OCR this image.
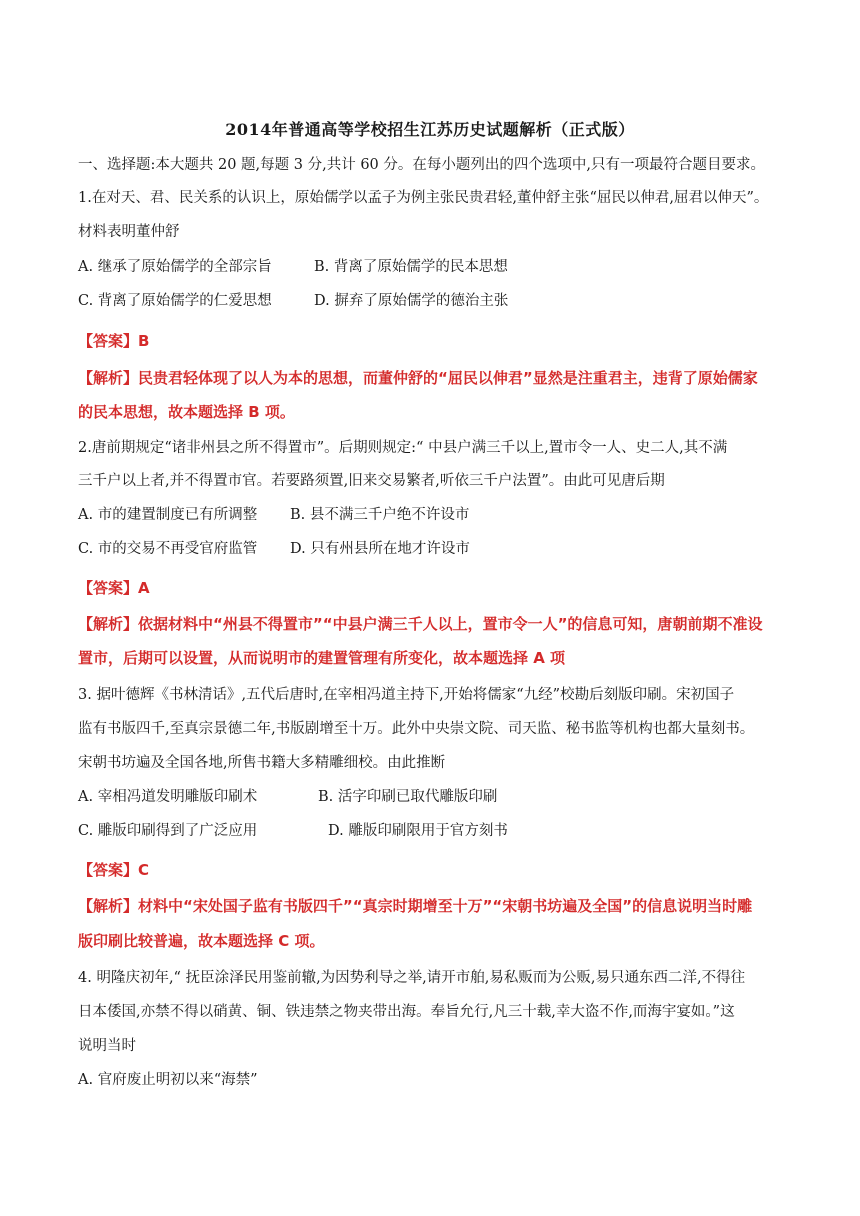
2014年普通高等学校招生江苏历史试题解析（正式版）
一、选择题:本大题共 20 题,每题 3 分,共计 60 分。在每小题列出的四个选项中,只有一项最符合题目要求。
1.在对天、君、民关系的认识上，原始儒学以孟子为例主张民贵君轻,董仲舒主张“屈民以伸君,屈君以伸天”。
材料表明董仲舒
A. 继承了原始儒学的全部宗旨	B. 背离了原始儒学的民本思想
C. 背离了原始儒学的仁爱思想	D. 摒弃了原始儒学的德治主张
【答案】B
【解析】民贵君轻体现了以人为本的思想，而董仲舒的“屈民以伸君”显然是注重君主，违背了原始儒家
的民本思想，故本题选择 B 项。
2.唐前期规定“诸非州县之所不得置市”。后期则规定:“ 中县户满三千以上,置市令一人、史二人,其不满
三千户以上者,并不得置市官。若要路须置,旧来交易繁者,听依三千户法置”。由此可见唐后期
A. 市的建置制度已有所调整 B. 县不满三千户绝不许设市
C. 市的交易不再受官府监管 D. 只有州县所在地才许设市
【答案】A
【解析】依据材料中“州县不得置市”“中县户满三千人以上，置市令一人”的信息可知，唐朝前期不准设
置市，后期可以设置，从而说明市的建置管理有所变化，故本题选择 A 项
3. 据叶德辉《书林清话》,五代后唐时,在宰相冯道主持下,开始将儒家“九经”校勘后刻版印刷。宋初国子
监有书版四千,至真宗景德二年,书版剧增至十万。此外中央崇文院、司天监、秘书监等机构也都大量刻书。
宋朝书坊遍及全国各地,所售书籍大多精雕细校。由此推断
A. 宰相冯道发明雕版印刷术	B. 活字印刷已取代雕版印刷
C. 雕版印刷得到了广泛应用	D. 雕版印刷限用于官方刻书
【答案】C
【解析】材料中“宋处国子监有书版四千”“真宗时期增至十万”“宋朝书坊遍及全国”的信息说明当时雕
版印刷比较普遍，故本题选择 C 项。
4. 明隆庆初年,“ 抚臣涂泽民用鉴前辙,为因势利导之举,请开市舶,易私贩而为公贩,易只通东西二洋,不得往
日本倭国,亦禁不得以硝黄、铜、铁违禁之物夹带出海。奉旨允行,凡三十载,幸大盗不作,而海宇宴如。”这
说明当时
A. 官府废止明初以来“海禁”
